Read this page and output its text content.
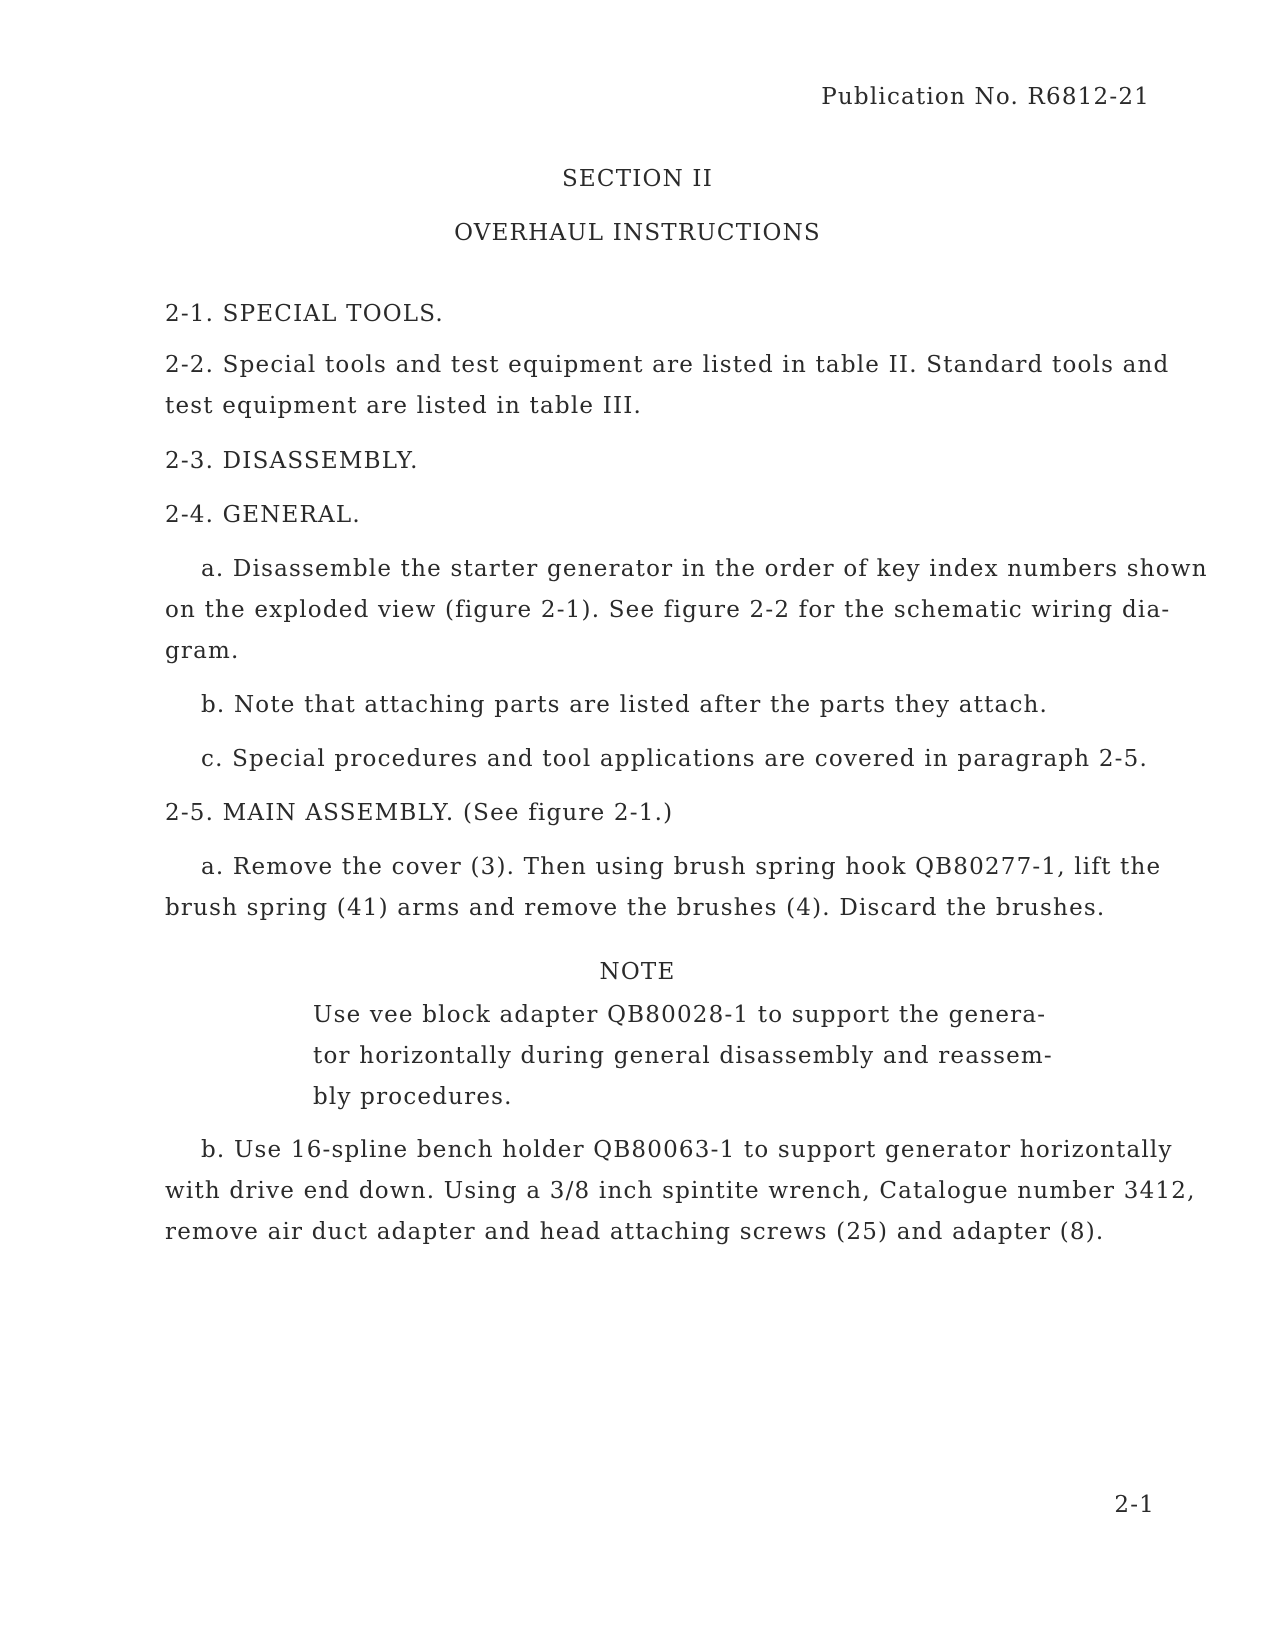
Publication No. R6812-21
SECTION II
OVERHAUL INSTRUCTIONS
2-1. SPECIAL TOOLS.
2-2. Special tools and test equipment are listed in table II. Standard tools and
test equipment are listed in table III.
2-3. DISASSEMBLY.
2-4. GENERAL.
a. Disassemble the starter generator in the order of key index numbers shown
on the exploded view (figure 2-1). See figure 2-2 for the schematic wiring dia-
gram.
b. Note that attaching parts are listed after the parts they attach.
c. Special procedures and tool applications are covered in paragraph 2-5.
2-5. MAIN ASSEMBLY. (See figure 2-1.)
a. Remove the cover (3). Then using brush spring hook QB80277-1, lift the
brush spring (41) arms and remove the brushes (4). Discard the brushes.
NOTE
Use vee block adapter QB80028-1 to support the genera-
tor horizontally during general disassembly and reassem-
bly procedures.
b. Use 16-spline bench holder QB80063-1 to support generator horizontally
with drive end down. Using a 3/8 inch spintite wrench, Catalogue number 3412,
remove air duct adapter and head attaching screws (25) and adapter (8).
2-1
